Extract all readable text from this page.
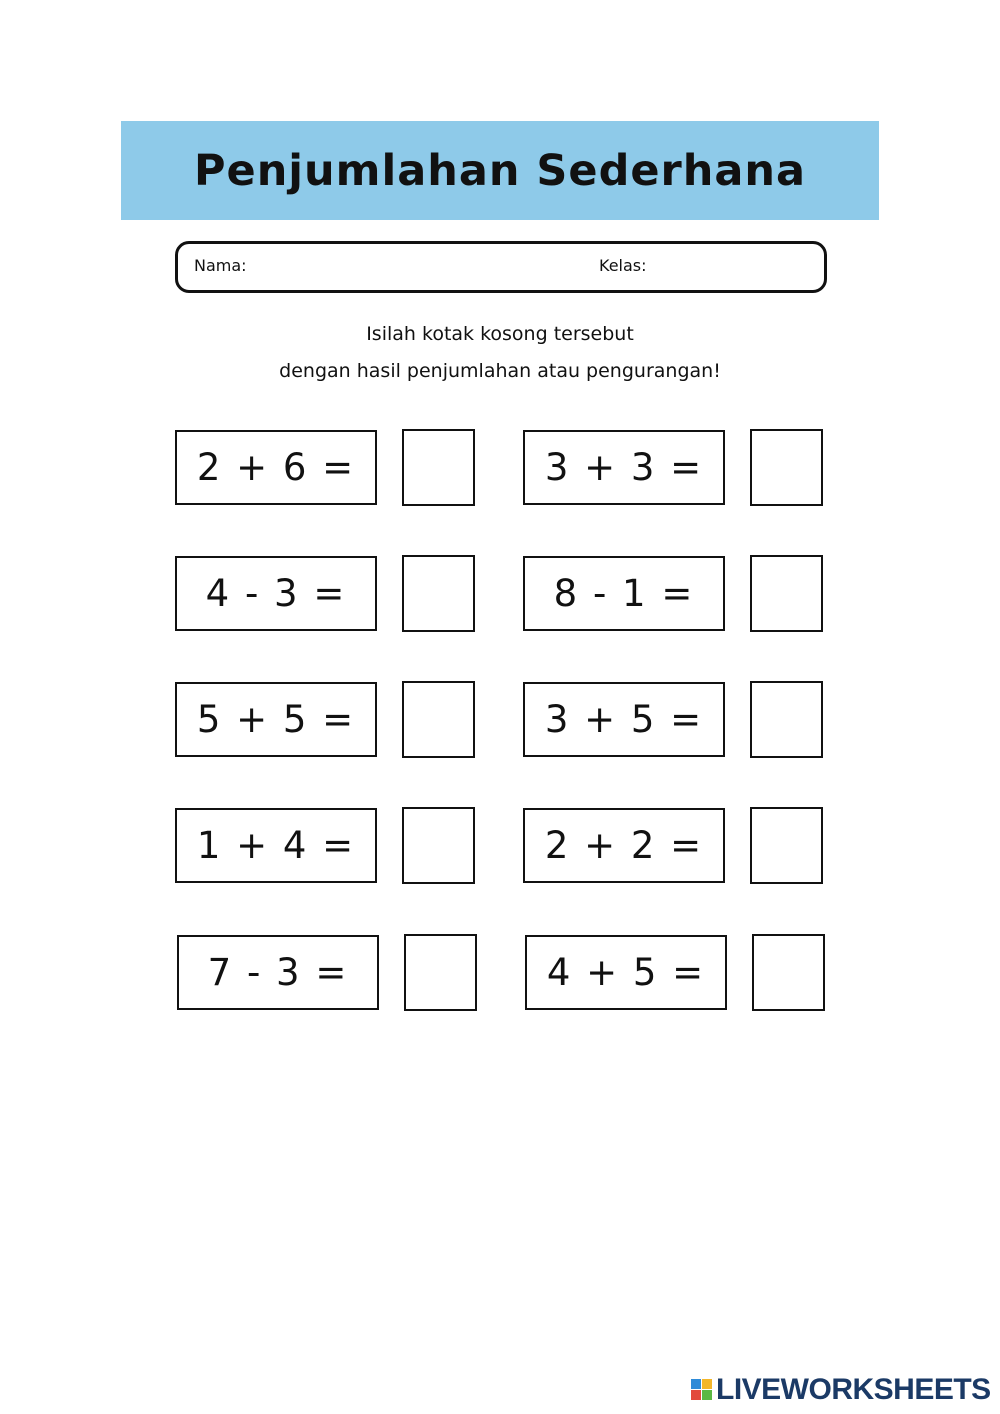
Penjumlahan Sederhana
Nama:	Kelas:
Isilah kotak kosong tersebut
dengan hasil penjumlahan atau pengurangan!
2 + 6 =	3 + 3 =
4 - 3 =	8 - 1 =
5 + 5 =	3 + 5 =
1 + 4 =	2 + 2 =
7 - 3 =	4 + 5 =
LIVEWORKSHEETS
